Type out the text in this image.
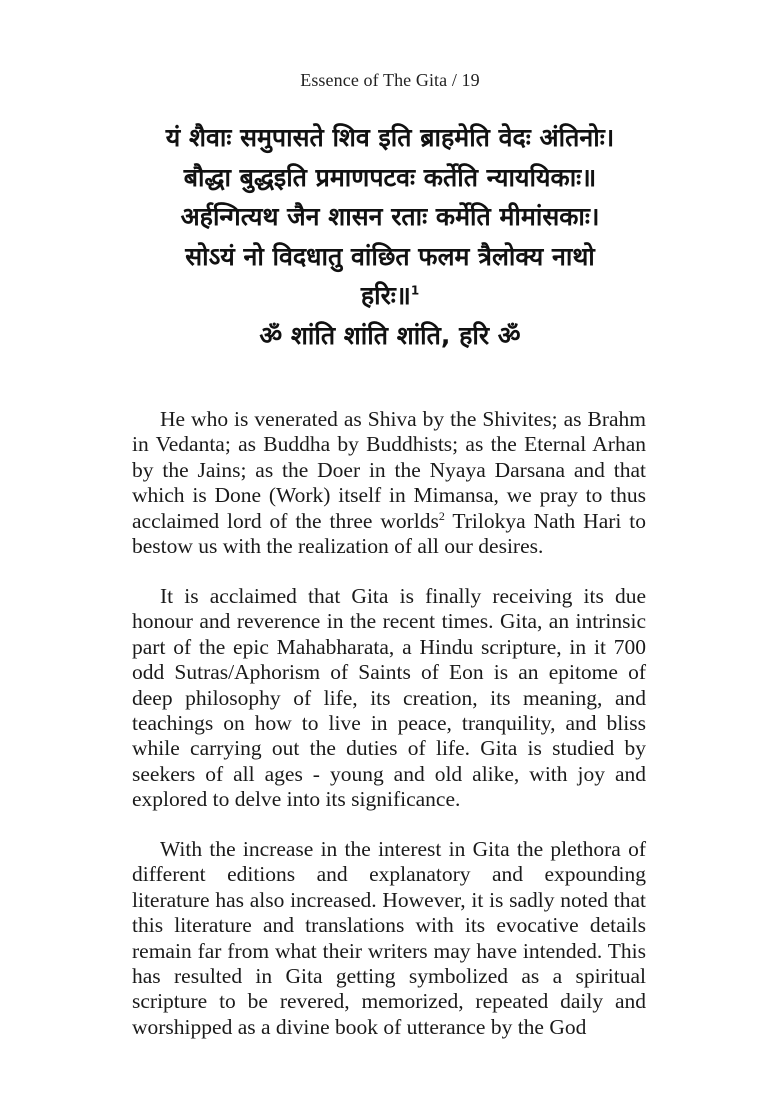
Essence of The Gita / 19
यं शैवाः समुपासते शिव इति ब्राहमेति वेदः अंतिनोः।
बौद्धा बुद्धइति प्रमाणपटवः कर्तेति न्याययिकाः॥
अर्हन्गित्यथ जैन शासन रताः कर्मेति मीमांसकाः।
सोऽयं नो विदधातु वांछित फलम त्रैलोक्य नाथो
हरिः॥$^1$
ॐ शांति शांति शांति, हरि ॐ

He who is venerated as Shiva by the Shivites; as Brahm in Vedanta; as Buddha by Buddhists; as the Eternal Arhan by the Jains; as the Doer in the Nyaya Darsana and that which is Done (Work) itself in Mimansa, we pray to thus acclaimed lord of the three worlds$^2$ Trilokya Nath Hari to bestow us with the realization of all our desires.

It is acclaimed that Gita is finally receiving its due honour and reverence in the recent times. Gita, an intrinsic part of the epic Mahabharata, a Hindu scripture, in it 700 odd Sutras/Aphorism of Saints of Eon is an epitome of deep philosophy of life, its creation, its meaning, and teachings on how to live in peace, tranquility, and bliss while carrying out the duties of life. Gita is studied by seekers of all ages - young and old alike, with joy and explored to delve into its significance.

With the increase in the interest in Gita the plethora of different editions and explanatory and expounding literature has also increased. However, it is sadly noted that this literature and translations with its evocative details remain far from what their writers may have intended. This has resulted in Gita getting symbolized as a spiritual scripture to be revered, memorized, repeated daily and worshipped as a divine book of utterance by the God
